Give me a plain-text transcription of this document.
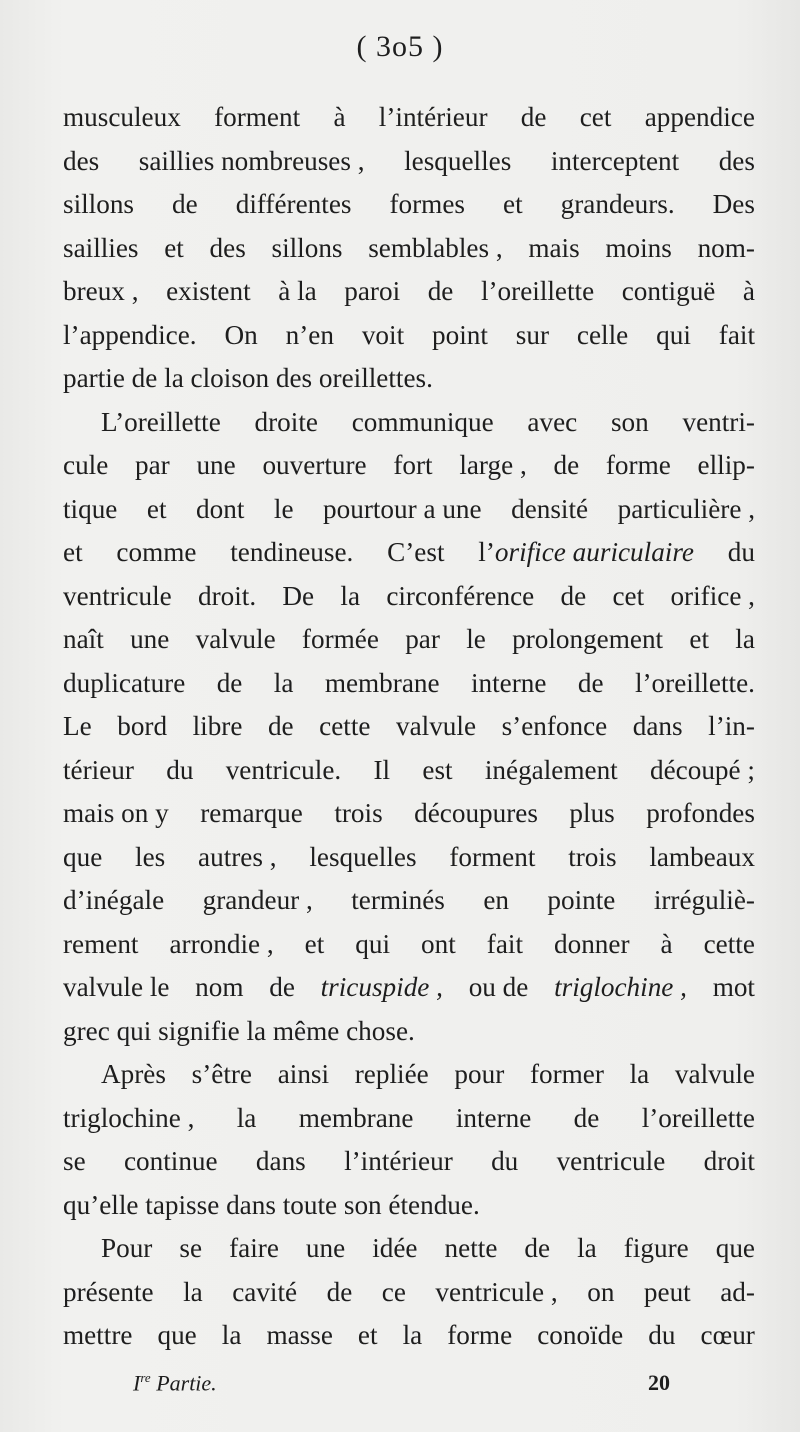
( 3o5 )
musculeux forment à l’intérieur de cet appendice
des saillies nombreuses , lesquelles interceptent des
sillons de différentes formes et grandeurs. Des
saillies et des sillons semblables , mais moins nom-
breux , existent à la paroi de l’oreillette contiguë à
l’appendice. On n’en voit point sur celle qui fait
partie de la cloison des oreillettes.
L’oreillette droite communique avec son ventri-
cule par une ouverture fort large , de forme ellip-
tique et dont le pourtour a une densité particulière ,
et comme tendineuse. C’est l’orifice auriculaire du
ventricule droit. De la circonférence de cet orifice ,
naît une valvule formée par le prolongement et la
duplicature de la membrane interne de l’oreillette.
Le bord libre de cette valvule s’enfonce dans l’in-
térieur du ventricule. Il est inégalement découpé ;
mais on y remarque trois découpures plus profondes
que les autres , lesquelles forment trois lambeaux
d’inégale grandeur , terminés en pointe irréguliè-
rement arrondie , et qui ont fait donner à cette
valvule le nom de tricuspide , ou de triglochine , mot
grec qui signifie la même chose.
Après s’être ainsi repliée pour former la valvule
triglochine , la membrane interne de l’oreillette
se continue dans l’intérieur du ventricule droit
qu’elle tapisse dans toute son étendue.
Pour se faire une idée nette de la figure que
présente la cavité de ce ventricule , on peut ad-
mettre que la masse et la forme conoïde du cœur
Ire Partie.	20
